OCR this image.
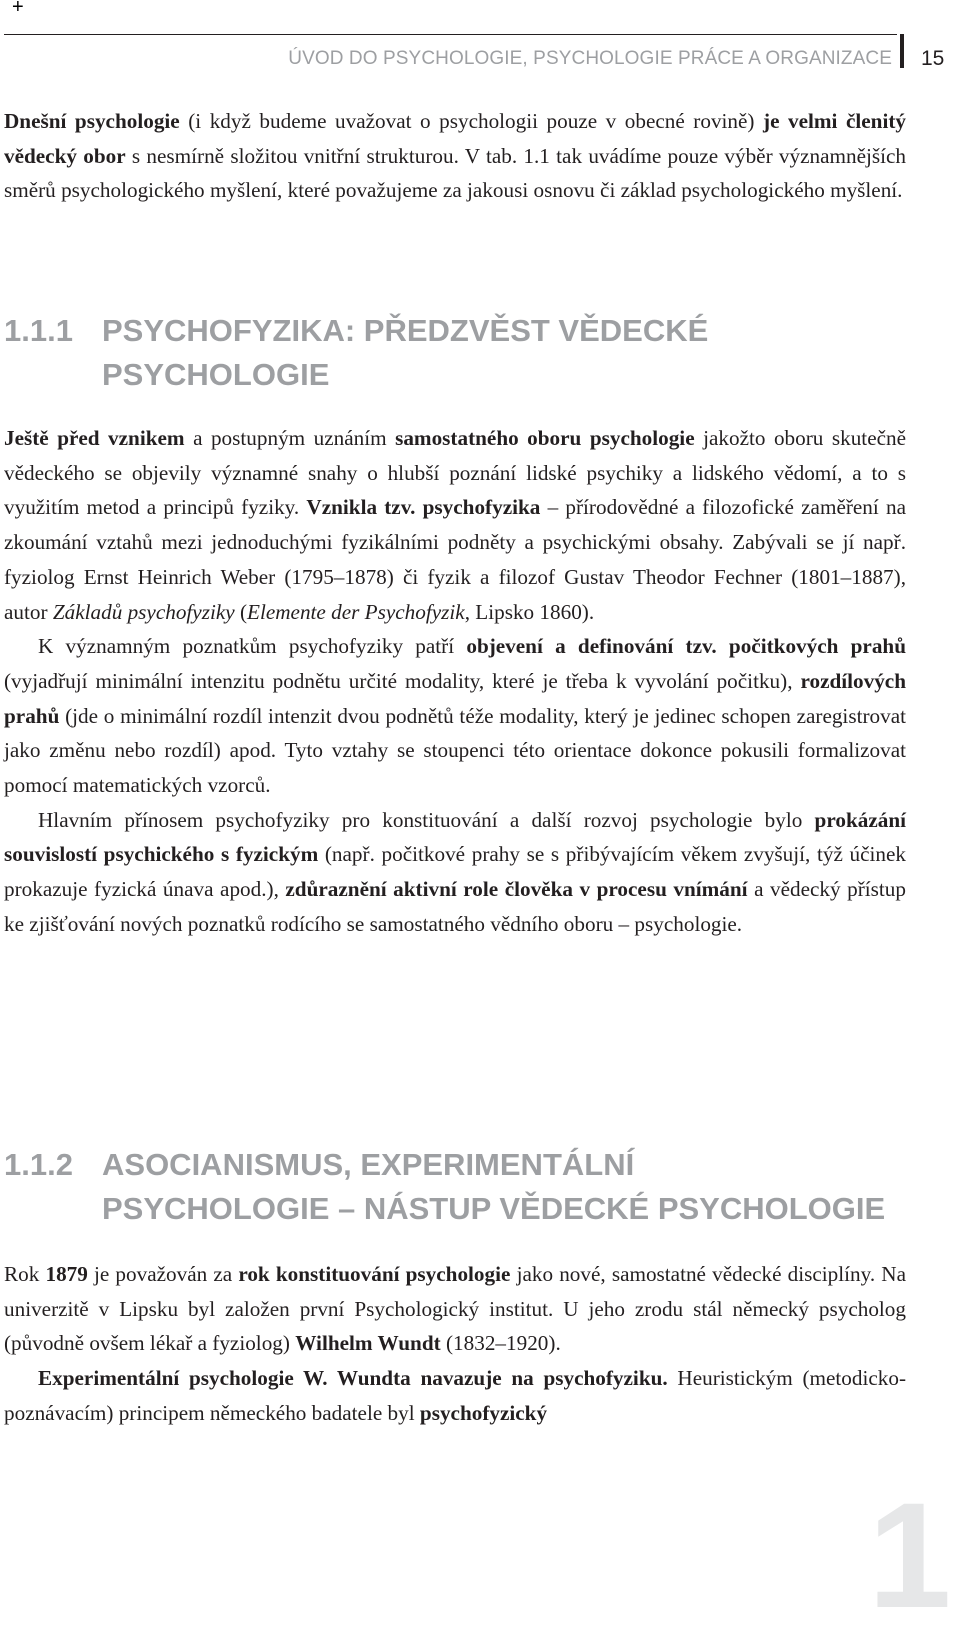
+
ÚVOD DO PSYCHOLOGIE, PSYCHOLOGIE PRÁCE A ORGANIZACE 15

Dnešní psychologie (i když budeme uvažovat o psychologii pouze v obecné rovině) je velmi členitý vědecký obor s nesmírně složitou vnitřní strukturou. V tab. 1.1 tak uvádíme pouze výběr významnějších směrů psychologického myšlení, které považujeme za jakousi osnovu či základ psychologického myšlení.

1.1.1 PSYCHOFYZIKA: PŘEDZVĚST VĚDECKÉ
PSYCHOLOGIE

Ještě před vznikem a postupným uznáním samostatného oboru psychologie jakožto oboru skutečně vědeckého se objevily významné snahy o hlubší poznání lidské psychiky a lidského vědomí, a to s využitím metod a principů fyziky. Vznikla tzv. psychofyzika – přírodovědné a filozofické zaměření na zkoumání vztahů mezi jednoduchými fyzikálními podněty a psychickými obsahy. Zabývali se jí např. fyziolog Ernst Heinrich Weber (1795–1878) či fyzik a filozof Gustav Theodor Fechner (1801–1887), autor Základů psychofyziky (Elemente der Psychofyzik, Lipsko 1860).

K významným poznatkům psychofyziky patří objevení a definování tzv. počitkových prahů (vyjadřují minimální intenzitu podnětu určité modality, které je třeba k vyvolání počitku), rozdílových prahů (jde o minimální rozdíl intenzit dvou podnětů téže modality, který je jedinec schopen zaregistrovat jako změnu nebo rozdíl) apod. Tyto vztahy se stoupenci této orientace dokonce pokusili formalizovat pomocí matematických vzorců.

Hlavním přínosem psychofyziky pro konstituování a další rozvoj psychologie bylo prokázání souvislostí psychického s fyzickým (např. počitkové prahy se s přibývajícím věkem zvyšují, týž účinek prokazuje fyzická únava apod.), zdůraznění aktivní role člověka v procesu vnímání a vědecký přístup ke zjišťování nových poznatků rodícího se samostatného vědního oboru – psychologie.

1.1.2 ASOCIANISMUS, EXPERIMENTÁLNÍ
PSYCHOLOGIE – NÁSTUP VĚDECKÉ PSYCHOLOGIE

Rok 1879 je považován za rok konstituování psychologie jako nové, samostatné vědecké disciplíny. Na univerzitě v Lipsku byl založen první Psychologický institut. U jeho zrodu stál německý psycholog (původně ovšem lékař a fyziolog) Wilhelm Wundt (1832–1920).

Experimentální psychologie W. Wundta navazuje na psychofyziku. Heuristickým (metodicko-poznávacím) principem německého badatele byl psychofyzický

1
